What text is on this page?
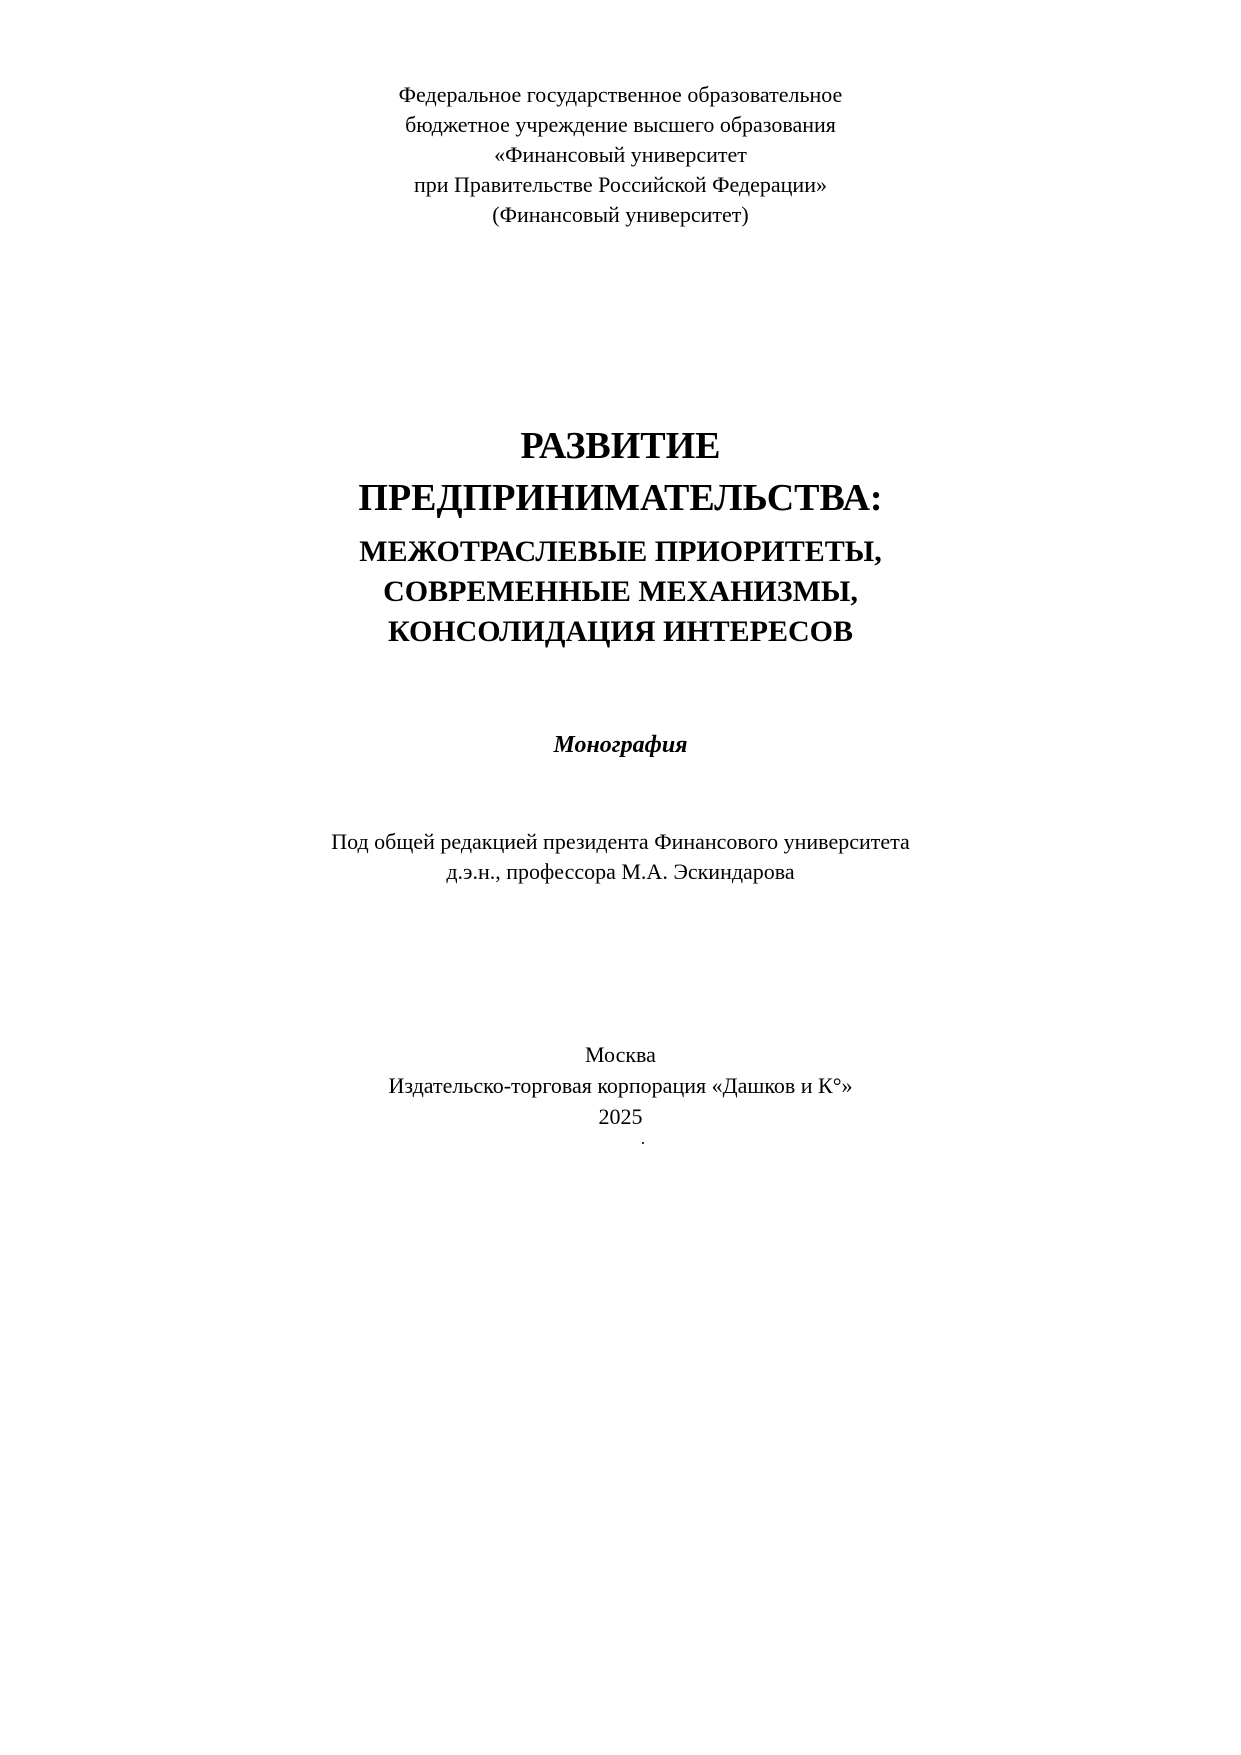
Федеральное государственное образовательное
бюджетное учреждение высшего образования
«Финансовый университет
при Правительстве Российской Федерации»
(Финансовый университет)
РАЗВИТИЕ
ПРЕДПРИНИМАТЕЛЬСТВА:
МЕЖОТРАСЛЕВЫЕ ПРИОРИТЕТЫ,
СОВРЕМЕННЫЕ МЕХАНИЗМЫ,
КОНСОЛИДАЦИЯ ИНТЕРЕСОВ
Монография
Под общей редакцией президента Финансового университета
д.э.н., профессора М.А. Эскиндарова
Москва
Издательско-торговая корпорация «Дашков и К°»
2025
